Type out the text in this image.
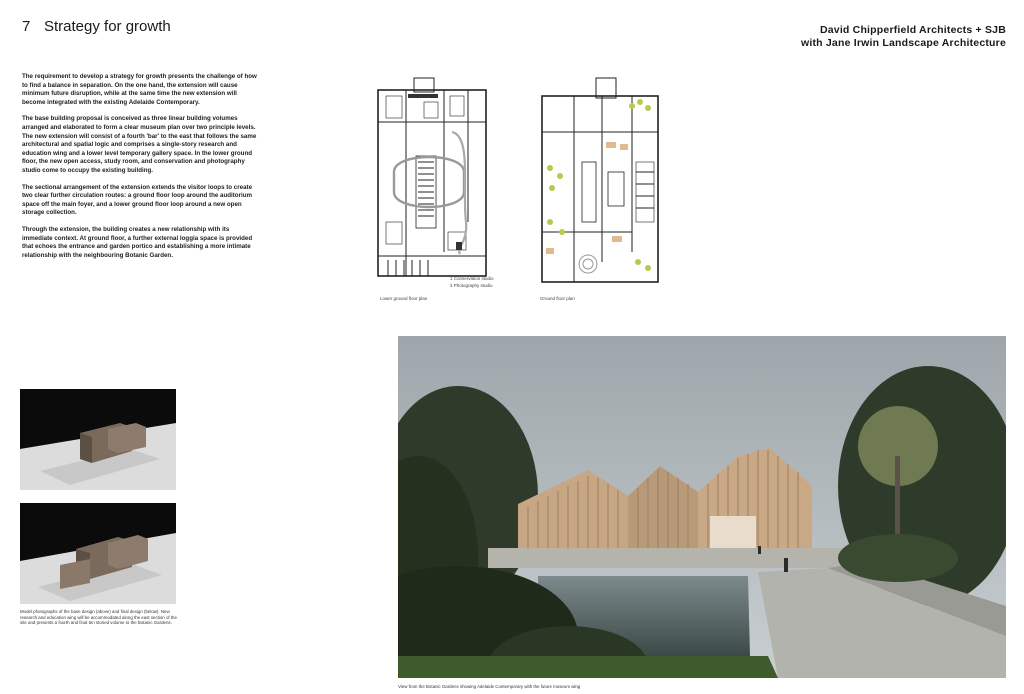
7 Strategy for growth	David Chipperfield Architects + SJB
with Jane Irwin Landscape Architecture

The requirement to develop a strategy for growth presents the challenge of how to find a balance in separation. On the one hand, the extension will cause minimum future disruption, while at the same time the new extension will become integrated with the existing Adelaide Contemporary.

The base building proposal is conceived as three linear building volumes arranged and elaborated to form a clear museum plan over two principle levels. The new extension will consist of a fourth 'bar' to the east that follows the same architectural and spatial logic and comprises a single-story research and education wing and a lower level temporary gallery space. In the lower ground floor, the new open access, study room, and conservation and photography studio come to occupy the existing building.

The sectional arrangement of the extension extends the visitor loops to create two clear further circulation routes: a ground floor loop around the auditorium space off the main foyer, and a lower ground floor loop around a new open storage collection.

Through the extension, the building creates a new relationship with its immediate context. At ground floor, a further external loggia space is provided that echoes the entrance and garden portico and establishing a more intimate relationship with the neighbouring Botanic Garden.

Lower ground floor plan
1 Conservation studio
2 Photography studio
Ground floor plan
Model photographs of the base design (above) and final design (below). New research and education wing will be accommodated along the east section of the site and presents a fourth and final ten storied volume to the Botanic Gardens.
View from the Botanic Gardens showing Adelaide Contemporary with the future museum wing
